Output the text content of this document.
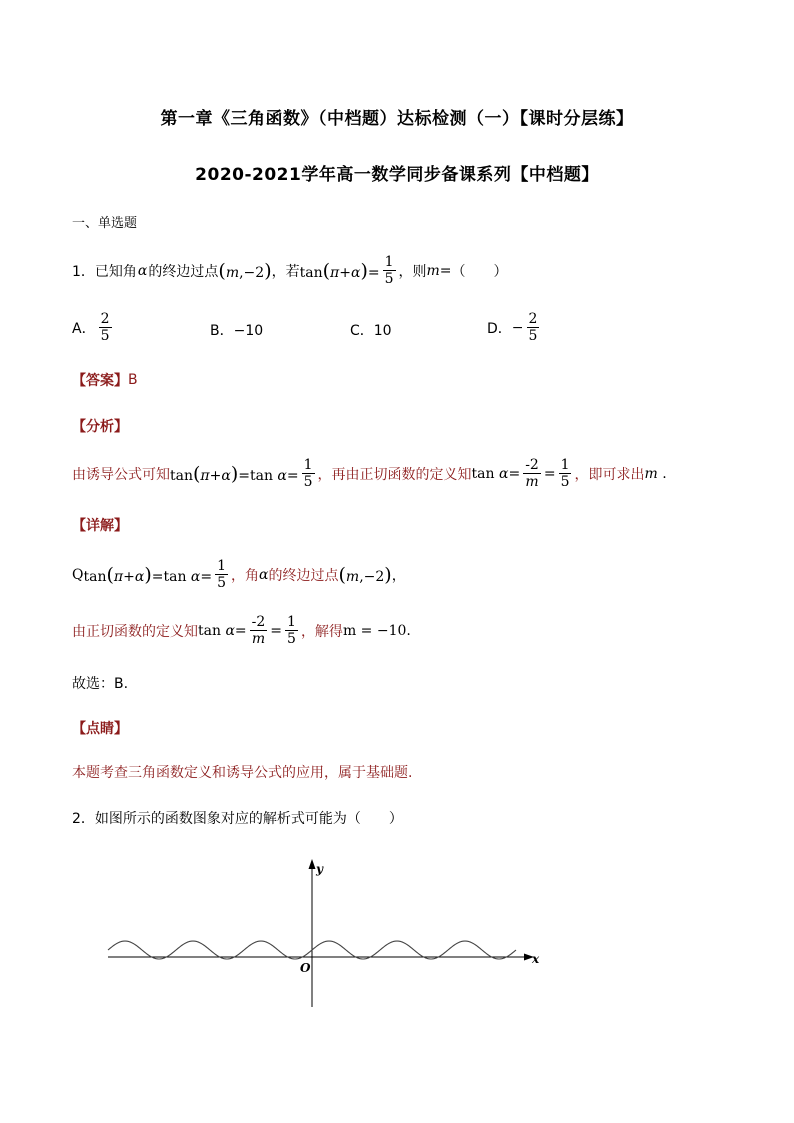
第一章《三角函数》（中档题）达标检测（一）【课时分层练】
2020-2021学年高一数学同步备课系列【中档题】
一、单选题
1．已知角 α 的终边过点 (m,−2) ，若 $\tan(\pi+\alpha)= \frac{1}{5}$ ，则 m = （　　）
A． $\frac{2}{5}$	B．−10	C．10	D． − $\frac{2}{5}$
【答案】 B
【分析】
由诱导公式可知 tan(π+α)=tan $\alpha= \frac{1}{5}$ ，再由正切函数的定义知 $\tan \alpha= \frac{-2}{m} = \frac{1}{5}$ ，即可求出 m .
【详解】
Q tan(π+α)=tan $\alpha= \frac{1}{5}$ ，角 α 的终边过点 (m,−2) ，
由正切函数的定义知 $\tan \alpha= \frac{-2}{m} = \frac{1}{5}$ ，解得 m = −10.
故选：B.
【点睛】
本题考查三角函数定义和诱导公式的应用，属于基础题.
2．如图所示的函数图象对应的解析式可能为（　　）
x
y
O
